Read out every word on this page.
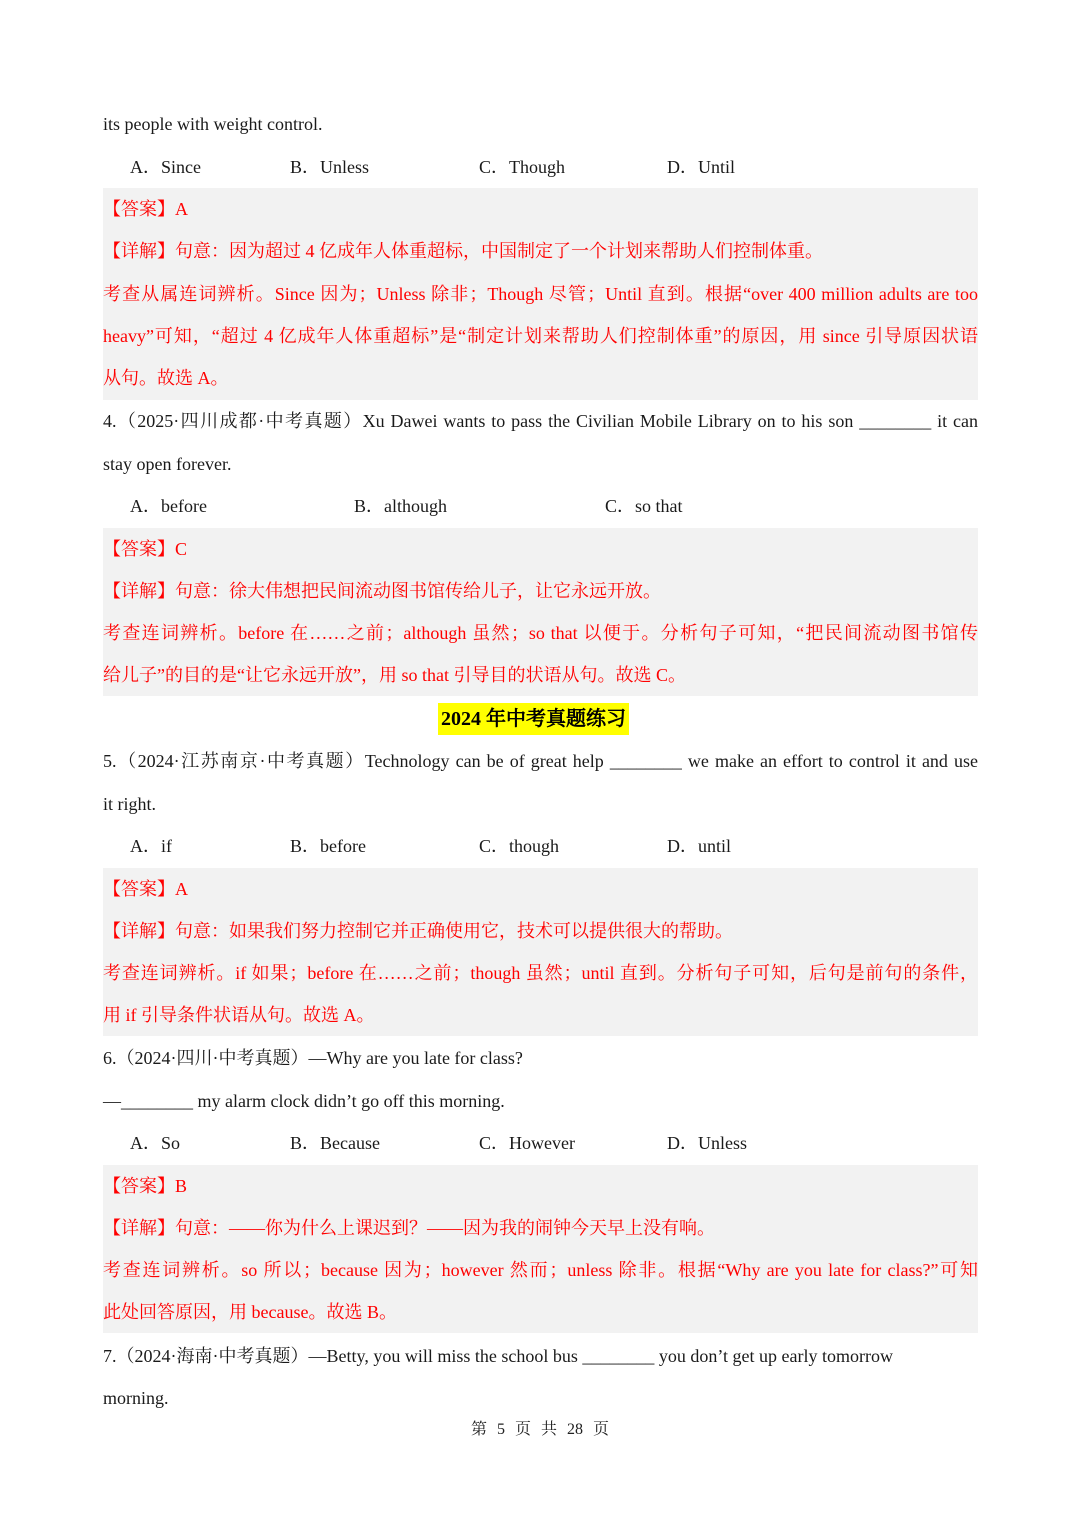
its people with weight control.
A．Since	B．Unless	C．Though	D．Until
【答案】A
【详解】句意：因为超过 4 亿成年人体重超标，中国制定了一个计划来帮助人们控制体重。
考查从属连词辨析。Since 因为；Unless 除非；Though 尽管；Until 直到。根据“over 400 million adults are too
heavy”可知，“超过 4 亿成年人体重超标”是“制定计划来帮助人们控制体重”的原因，用 since 引导原因状语
从句。故选 A。
4.（2025·四川成都·中考真题）Xu Dawei wants to pass the Civilian Mobile Library on to his son ________ it can
stay open forever.
A．before	B．although	C．so that
【答案】C
【详解】句意：徐大伟想把民间流动图书馆传给儿子，让它永远开放。
考查连词辨析。before 在……之前；although 虽然；so that 以便于。分析句子可知，“把民间流动图书馆传
给儿子”的目的是“让它永远开放”，用 so that 引导目的状语从句。故选 C。
2024 年中考真题练习
5.（2024·江苏南京·中考真题）Technology can be of great help ________ we make an effort to control it and use
it right.
A．if	B．before	C．though	D．until
【答案】A
【详解】句意：如果我们努力控制它并正确使用它，技术可以提供很大的帮助。
考查连词辨析。if 如果；before 在……之前；though 虽然；until 直到。分析句子可知，后句是前句的条件，
用 if 引导条件状语从句。故选 A。
6.（2024·四川·中考真题）—Why are you late for class?
—________ my alarm clock didn’t go off this morning.
A．So	B．Because	C．However	D．Unless
【答案】B
【详解】句意：——你为什么上课迟到？——因为我的闹钟今天早上没有响。
考查连词辨析。so 所以；because 因为；however 然而；unless 除非。根据“Why are you late for class?”可知
此处回答原因，用 because。故选 B。
7.（2024·海南·中考真题）—Betty, you will miss the school bus ________ you don’t get up early tomorrow
morning.
第 5 页 共 28 页
